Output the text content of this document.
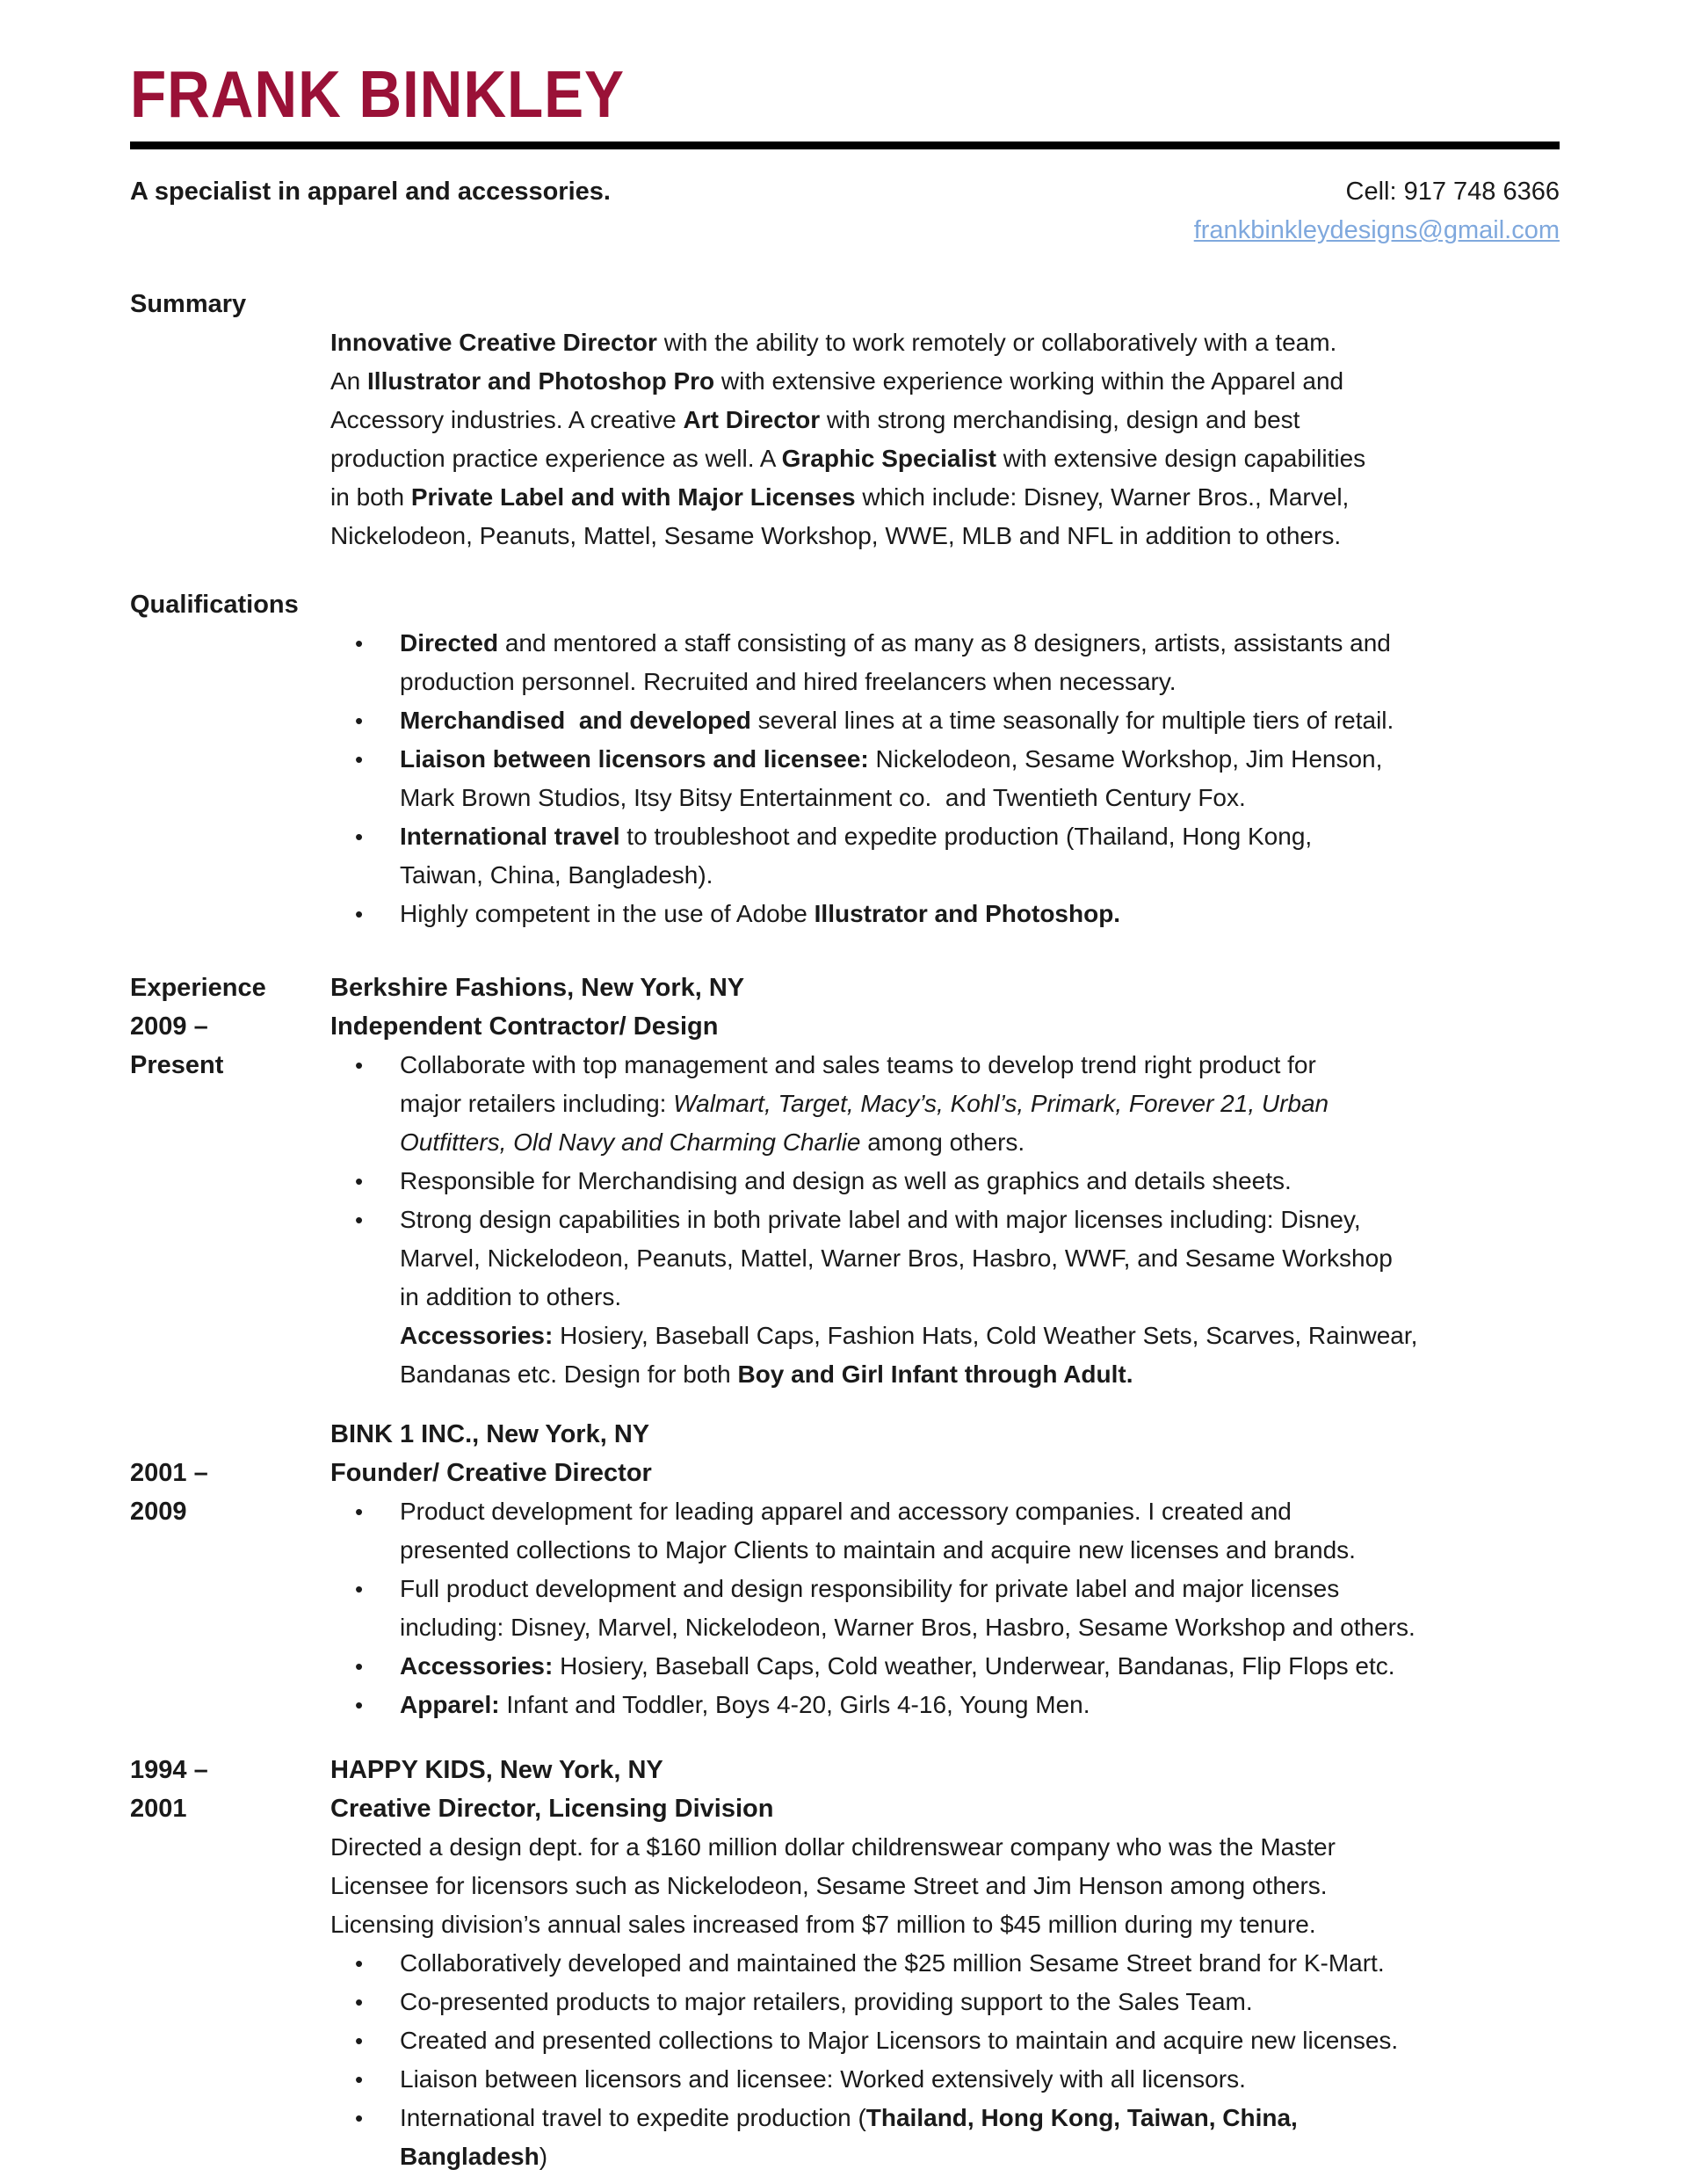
FRANK BINKLEY
A specialist in apparel and accessories.	Cell: 917 748 6366
frankbinkleydesigns@gmail.com
Summary

Innovative Creative Director with the ability to work remotely or collaboratively with a team.
An Illustrator and Photoshop Pro with extensive experience working within the Apparel and
Accessory industries. A creative Art Director with strong merchandising, design and best
production practice experience as well. A Graphic Specialist with extensive design capabilities
in both Private Label and with Major Licenses which include: Disney, Warner Bros., Marvel,
Nickelodeon, Peanuts, Mattel, Sesame Workshop, WWE, MLB and NFL in addition to others.

Qualifications
• Directed and mentored a staff consisting of as many as 8 designers, artists, assistants and
production personnel. Recruited and hired freelancers when necessary.
• Merchandised  and developed several lines at a time seasonally for multiple tiers of retail.
• Liaison between licensors and licensee: Nickelodeon, Sesame Workshop, Jim Henson,
Mark Brown Studios, Itsy Bitsy Entertainment co.  and Twentieth Century Fox.
• International travel to troubleshoot and expedite production (Thailand, Hong Kong,
Taiwan, China, Bangladesh).
• Highly competent in the use of Adobe Illustrator and Photoshop.
Experience
2009 –
Present
Berkshire Fashions, New York, NY
Independent Contractor/ Design
• Collaborate with top management and sales teams to develop trend right product for
major retailers including: Walmart, Target, Macy’s, Kohl’s, Primark, Forever 21, Urban
Outfitters, Old Navy and Charming Charlie among others.
• Responsible for Merchandising and design as well as graphics and details sheets.
• Strong design capabilities in both private label and with major licenses including: Disney,
Marvel, Nickelodeon, Peanuts, Mattel, Warner Bros, Hasbro, WWF, and Sesame Workshop
in addition to others.

Accessories: Hosiery, Baseball Caps, Fashion Hats, Cold Weather Sets, Scarves, Rainwear,
Bandanas etc. Design for both Boy and Girl Infant through Adult.

2001 –
2009
BINK 1 INC., New York, NY
Founder/ Creative Director
• Product development for leading apparel and accessory companies. I created and
presented collections to Major Clients to maintain and acquire new licenses and brands.
• Full product development and design responsibility for private label and major licenses
including: Disney, Marvel, Nickelodeon, Warner Bros, Hasbro, Sesame Workshop and others.
• Accessories: Hosiery, Baseball Caps, Cold weather, Underwear, Bandanas, Flip Flops etc.
• Apparel: Infant and Toddler, Boys 4-20, Girls 4-16, Young Men.
1994 –
2001
HAPPY KIDS, New York, NY
Creative Director, Licensing Division

Directed a design dept. for a $160 million dollar childrenswear company who was the Master
Licensee for licensors such as Nickelodeon, Sesame Street and Jim Henson among others.
Licensing division’s annual sales increased from $7 million to $45 million during my tenure.

• Collaboratively developed and maintained the $25 million Sesame Street brand for K-Mart.
• Co-presented products to major retailers, providing support to the Sales Team.
• Created and presented collections to Major Licensors to maintain and acquire new licenses.
• Liaison between licensors and licensee: Worked extensively with all licensors.
• International travel to expedite production (Thailand, Hong Kong, Taiwan, China,
Bangladesh)
